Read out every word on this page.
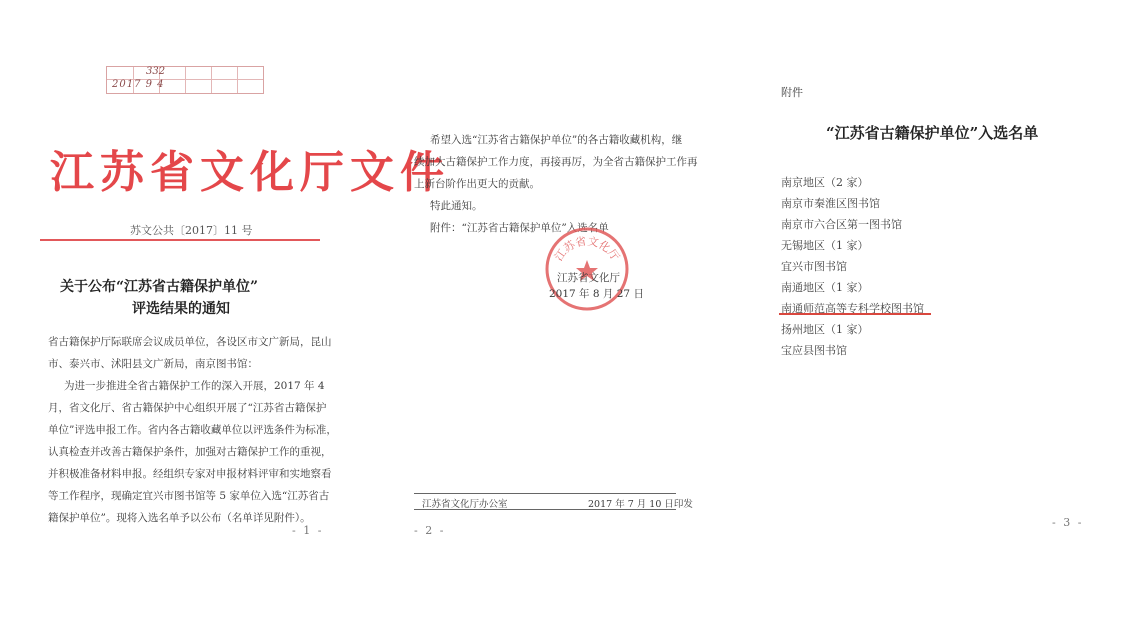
332
2017 9 4
江苏省文化厅文件
苏文公共〔2017〕11 号
关于公布“江苏省古籍保护单位”
评选结果的通知
省古籍保护厅际联席会议成员单位，各设区市文广新局，昆山
市、泰兴市、沭阳县文广新局，南京图书馆：
为进一步推进全省古籍保护工作的深入开展，2017 年 4
月，省文化厅、省古籍保护中心组织开展了“江苏省古籍保护
单位”评选申报工作。省内各古籍收藏单位以评选条件为标准，
认真检查并改善古籍保护条件，加强对古籍保护工作的重视，
并积极准备材料申报。经组织专家对申报材料评审和实地察看
等工作程序，现确定宜兴市图书馆等 5 家单位入选“江苏省古
籍保护单位”。现将入选名单予以公布（名单详见附件）。
- 1 -
希望入选“江苏省古籍保护单位”的各古籍收藏机构，继
续加大古籍保护工作力度，再接再厉，为全省古籍保护工作再
上新台阶作出更大的贡献。
特此通知。
附件：“江苏省古籍保护单位”入选名单
江苏省文化厅
江苏省文化厅
2017 年 8 月 27 日
江苏省文化厅办公室	2017 年 7 月 10 日印发
- 2 -
附件
“江苏省古籍保护单位”入选名单
南京地区（2 家）
南京市秦淮区图书馆
南京市六合区第一图书馆
无锡地区（1 家）
宜兴市图书馆
南通地区（1 家）
南通师范高等专科学校图书馆
扬州地区（1 家）
宝应县图书馆
- 3 -
